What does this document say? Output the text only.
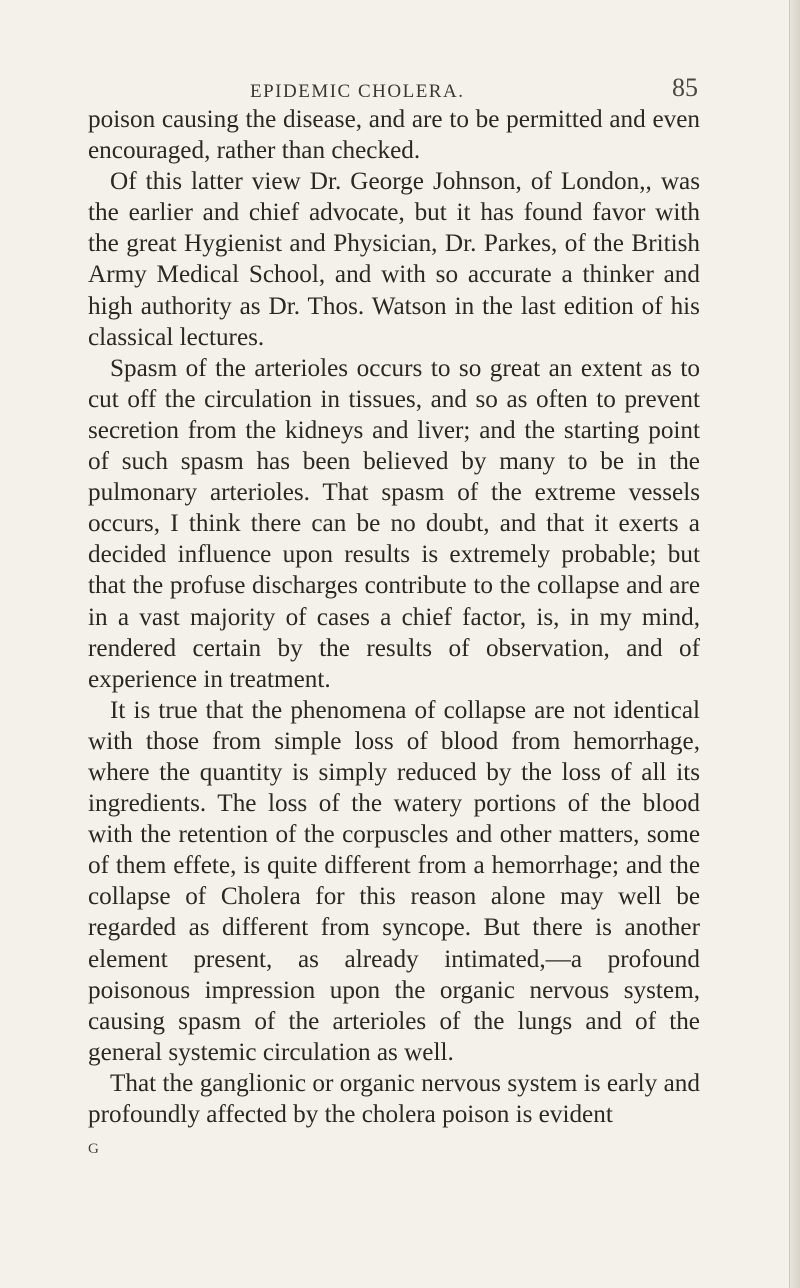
EPIDEMIC CHOLERA.	85

poison causing the disease, and are to be permitted and even encouraged, rather than checked.

Of this latter view Dr. George Johnson, of London,, was the earlier and chief advocate, but it has found favor with the great Hygienist and Physician, Dr. Parkes, of the British Army Medical School, and with so accurate a thinker and high authority as Dr. Thos. Watson in the last edition of his classical lectures.

Spasm of the arterioles occurs to so great an extent as to cut off the circulation in tissues, and so as often to prevent secretion from the kidneys and liver; and the starting point of such spasm has been believed by many to be in the pulmonary arterioles. That spasm of the extreme vessels occurs, I think there can be no doubt, and that it exerts a decided influence upon results is extremely probable; but that the profuse discharges contribute to the collapse and are in a vast majority of cases a chief factor, is, in my mind, rendered certain by the results of observation, and of experience in treatment.

It is true that the phenomena of collapse are not identical with those from simple loss of blood from hemorrhage, where the quantity is simply reduced by the loss of all its ingredients. The loss of the watery portions of the blood with the retention of the corpuscles and other matters, some of them effete, is quite different from a hemorrhage; and the collapse of Cholera for this reason alone may well be regarded as different from syncope. But there is another element present, as already intimated,—a profound poisonous impression upon the organic nervous system, causing spasm of the arterioles of the lungs and of the general systemic circulation as well.

That the ganglionic or organic nervous system is early and profoundly affected by the cholera poison is evident

G
